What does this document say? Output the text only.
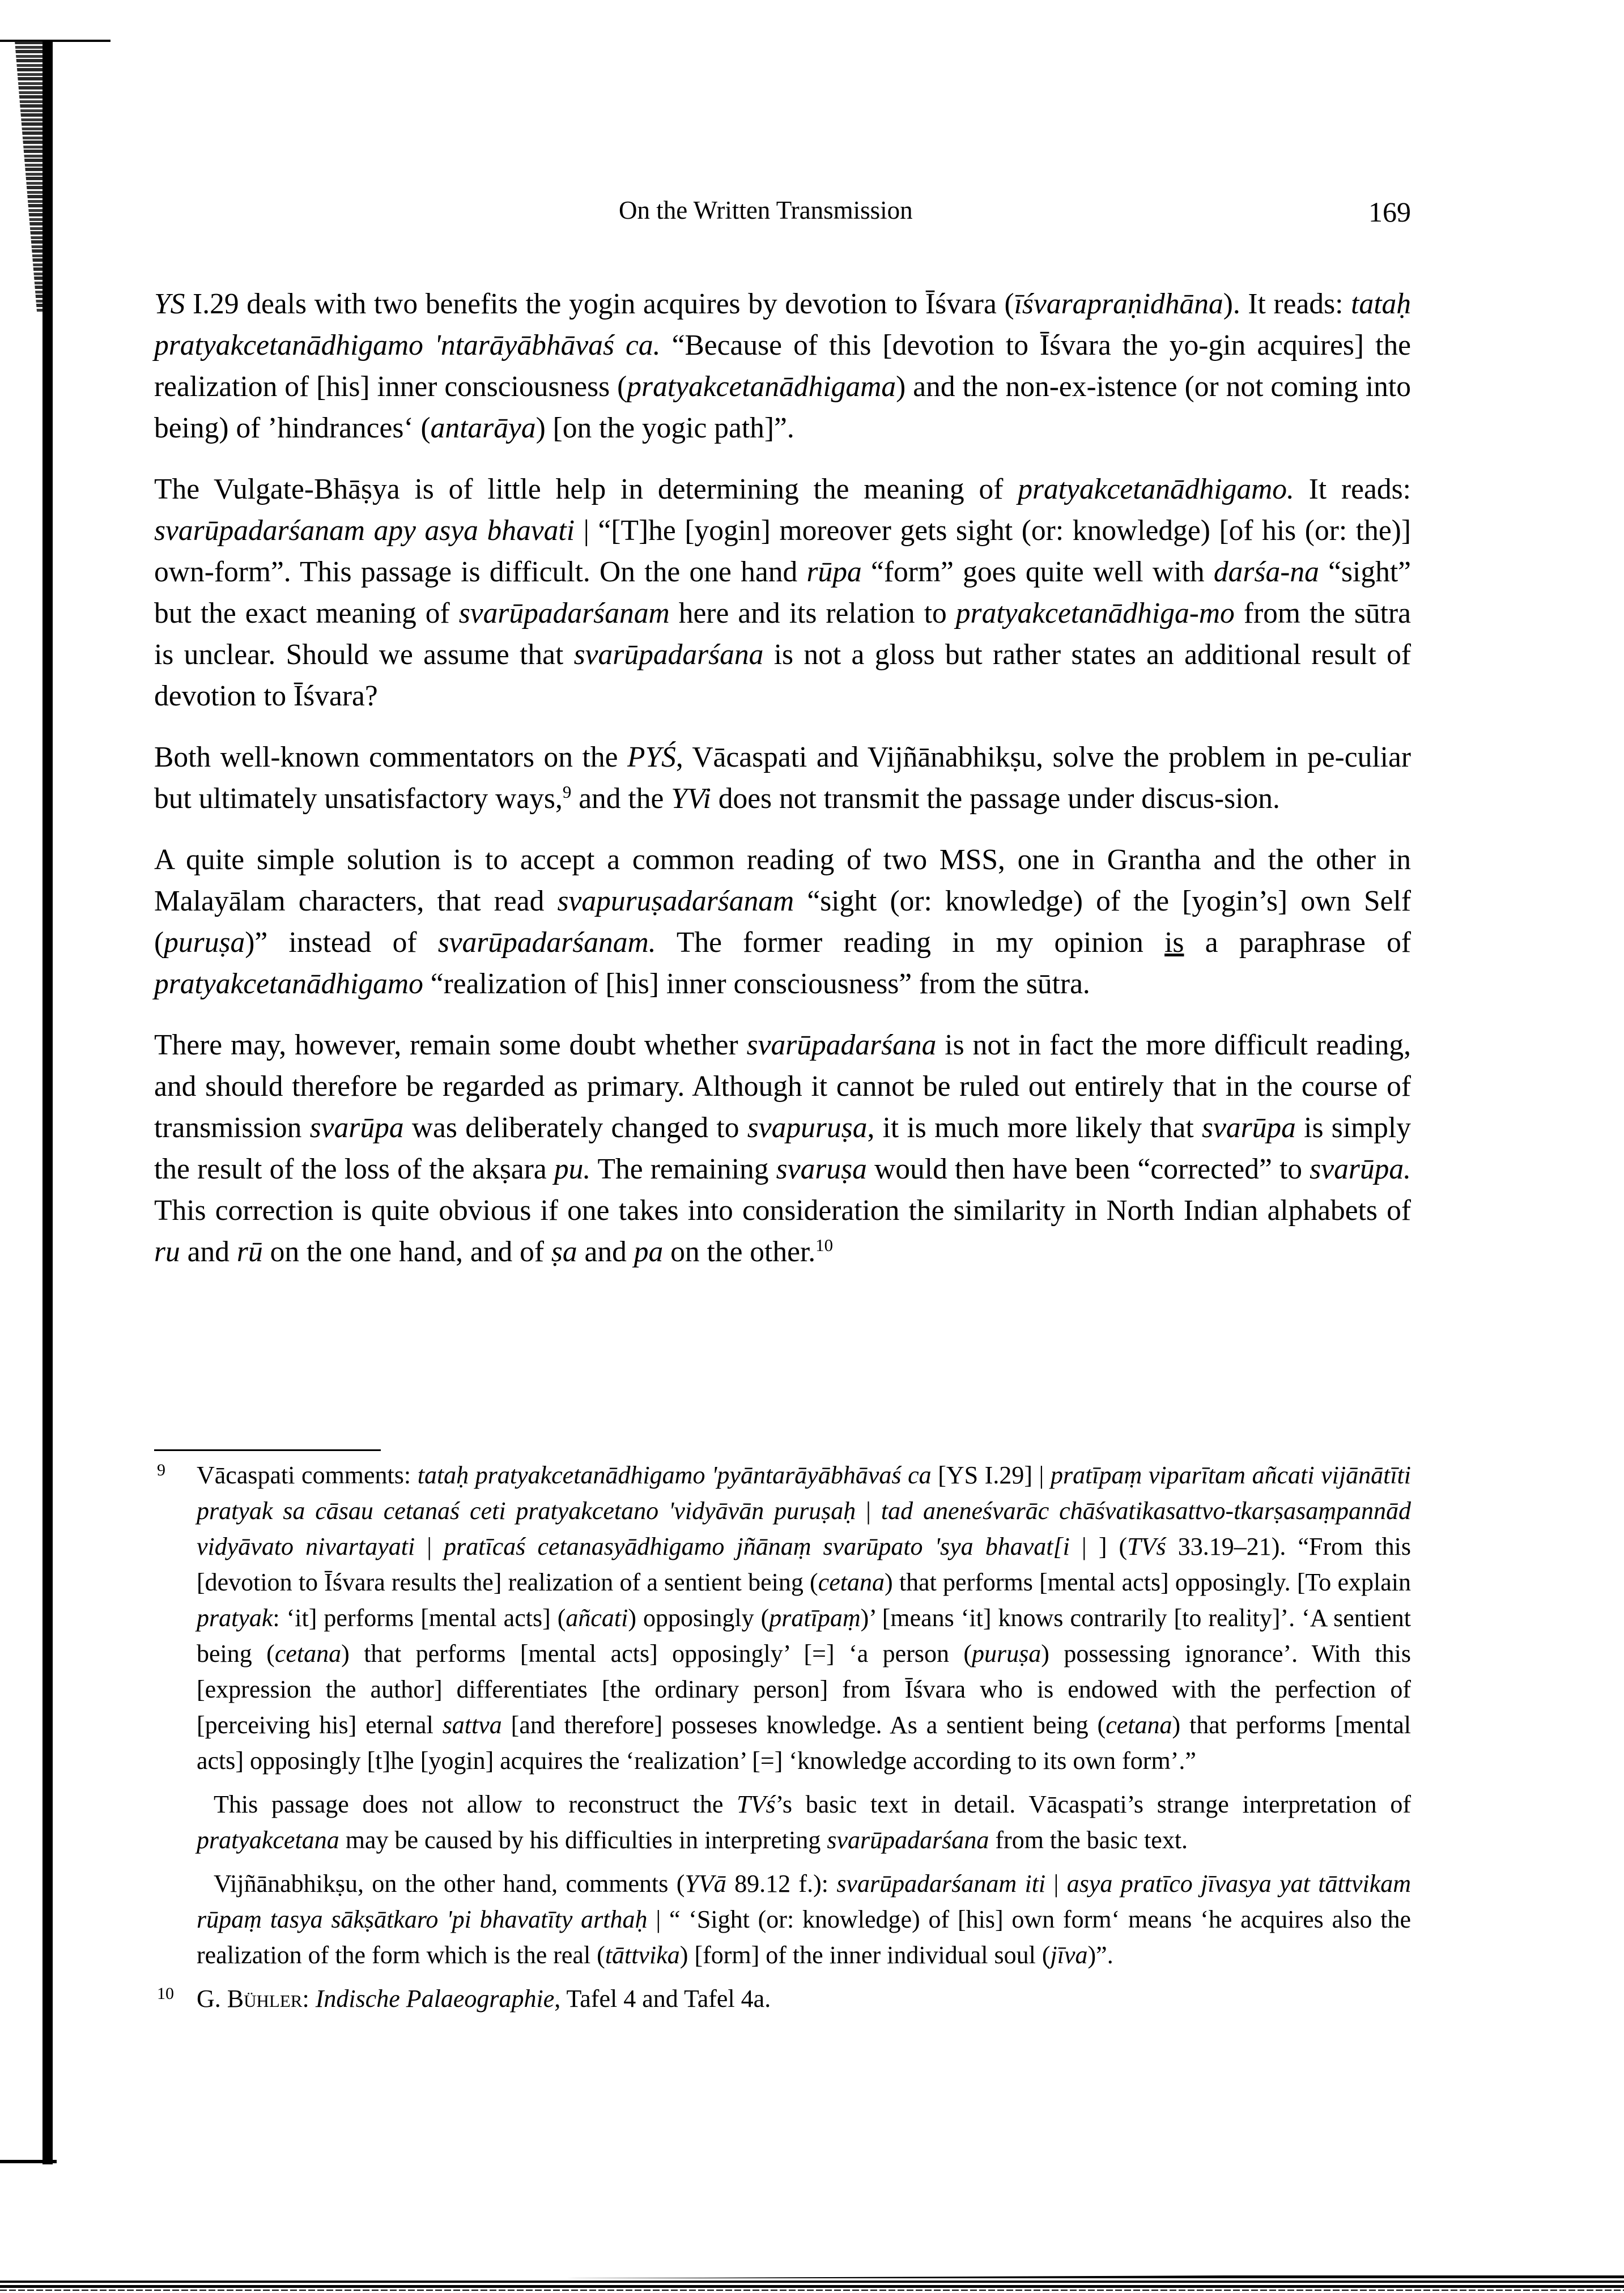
On the Written Transmission	169

YS I.29 deals with two benefits the yogin acquires by devotion to Īśvara (īśvarapraṇidhāna). It reads: tataḥ pratyakcetanādhigamo 'ntarāyābhāvaś ca. “Because of this [devotion to Īśvara the yo-gin acquires] the realization of [his] inner consciousness (pratyakcetanādhigama) and the non-ex-istence (or not coming into being) of ’hindrances‘ (antarāya) [on the yogic path]”.

The Vulgate-Bhāṣya is of little help in determining the meaning of pratyakcetanādhigamo. It reads: svarūpadarśanam apy asya bhavati | “[T]he [yogin] moreover gets sight (or: knowledge) [of his (or: the)] own-form”. This passage is difficult. On the one hand rūpa “form” goes quite well with darśa-na “sight” but the exact meaning of svarūpadarśanam here and its relation to pratyakcetanādhiga-mo from the sūtra is unclear. Should we assume that svarūpadarśana is not a gloss but rather states an additional result of devotion to Īśvara?

Both well-known commentators on the PYŚ, Vācaspati and Vijñānabhikṣu, solve the problem in pe-culiar but ultimately unsatisfactory ways,$^9$ and the YVi does not transmit the passage under discus-sion.

A quite simple solution is to accept a common reading of two MSS, one in Grantha and the other in Malayālam characters, that read svapuruṣadarśanam “sight (or: knowledge) of the [yogin’s] own Self (puruṣa)” instead of svarūpadarśanam. The former reading in my opinion is a paraphrase of pratyakcetanādhigamo “realization of [his] inner consciousness” from the sūtra.

There may, however, remain some doubt whether svarūpadarśana is not in fact the more difficult reading, and should therefore be regarded as primary. Although it cannot be ruled out entirely that in the course of transmission svarūpa was deliberately changed to svapuruṣa, it is much more likely that svarūpa is simply the result of the loss of the akṣara pu. The remaining svaruṣa would then have been “corrected” to svarūpa. This correction is quite obvious if one takes into consideration the similarity in North Indian alphabets of ru and rū on the one hand, and of ṣa and pa on the other.$^{10}$

9 Vācaspati comments: tataḥ pratyakcetanādhigamo 'pyāntarāyābhāvaś ca [YS I.29] | pratīpaṃ viparītam añcati vijānātīti pratyak sa cāsau cetanaś ceti pratyakcetano 'vidyāvān puruṣaḥ | tad aneneśvarāc chāśvatikasattvo-tkarṣasaṃpannād vidyāvato nivartayati | pratīcaś cetanasyādhigamo jñānaṃ svarūpato 'sya bhavat[i | ] (TVś 33.19–21). “From this [devotion to Īśvara results the] realization of a sentient being (cetana) that performs [mental acts] opposingly. [To explain pratyak: ‘it] performs [mental acts] (añcati) opposingly (pratīpaṃ)’ [means ‘it] knows contrarily [to reality]’. ‘A sentient being (cetana) that performs [mental acts] opposingly’ [=] ‘a person (puruṣa) possessing ignorance’. With this [expression the author] differentiates [the ordinary person] from Īśvara who is endowed with the perfection of [perceiving his] eternal sattva [and therefore] posseses knowledge. As a sentient being (cetana) that performs [mental acts] opposingly [t]he [yogin] acquires the ‘realization’ [=] ‘knowledge according to its own form’.”

This passage does not allow to reconstruct the TVś’s basic text in detail. Vācaspati’s strange interpretation of pratyakcetana may be caused by his difficulties in interpreting svarūpadarśana from the basic text.

Vijñānabhikṣu, on the other hand, comments (YVā 89.12 f.): svarūpadarśanam iti | asya pratīco jīvasya yat tāttvikam rūpaṃ tasya sākṣātkaro 'pi bhavatīty arthaḥ | “ ‘Sight (or: knowledge) of [his] own form‘ means ‘he acquires also the realization of the form which is the real (tāttvika) [form] of the inner individual soul (jīva)”.

10 G. Bühler: Indische Palaeographie, Tafel 4 and Tafel 4a.
